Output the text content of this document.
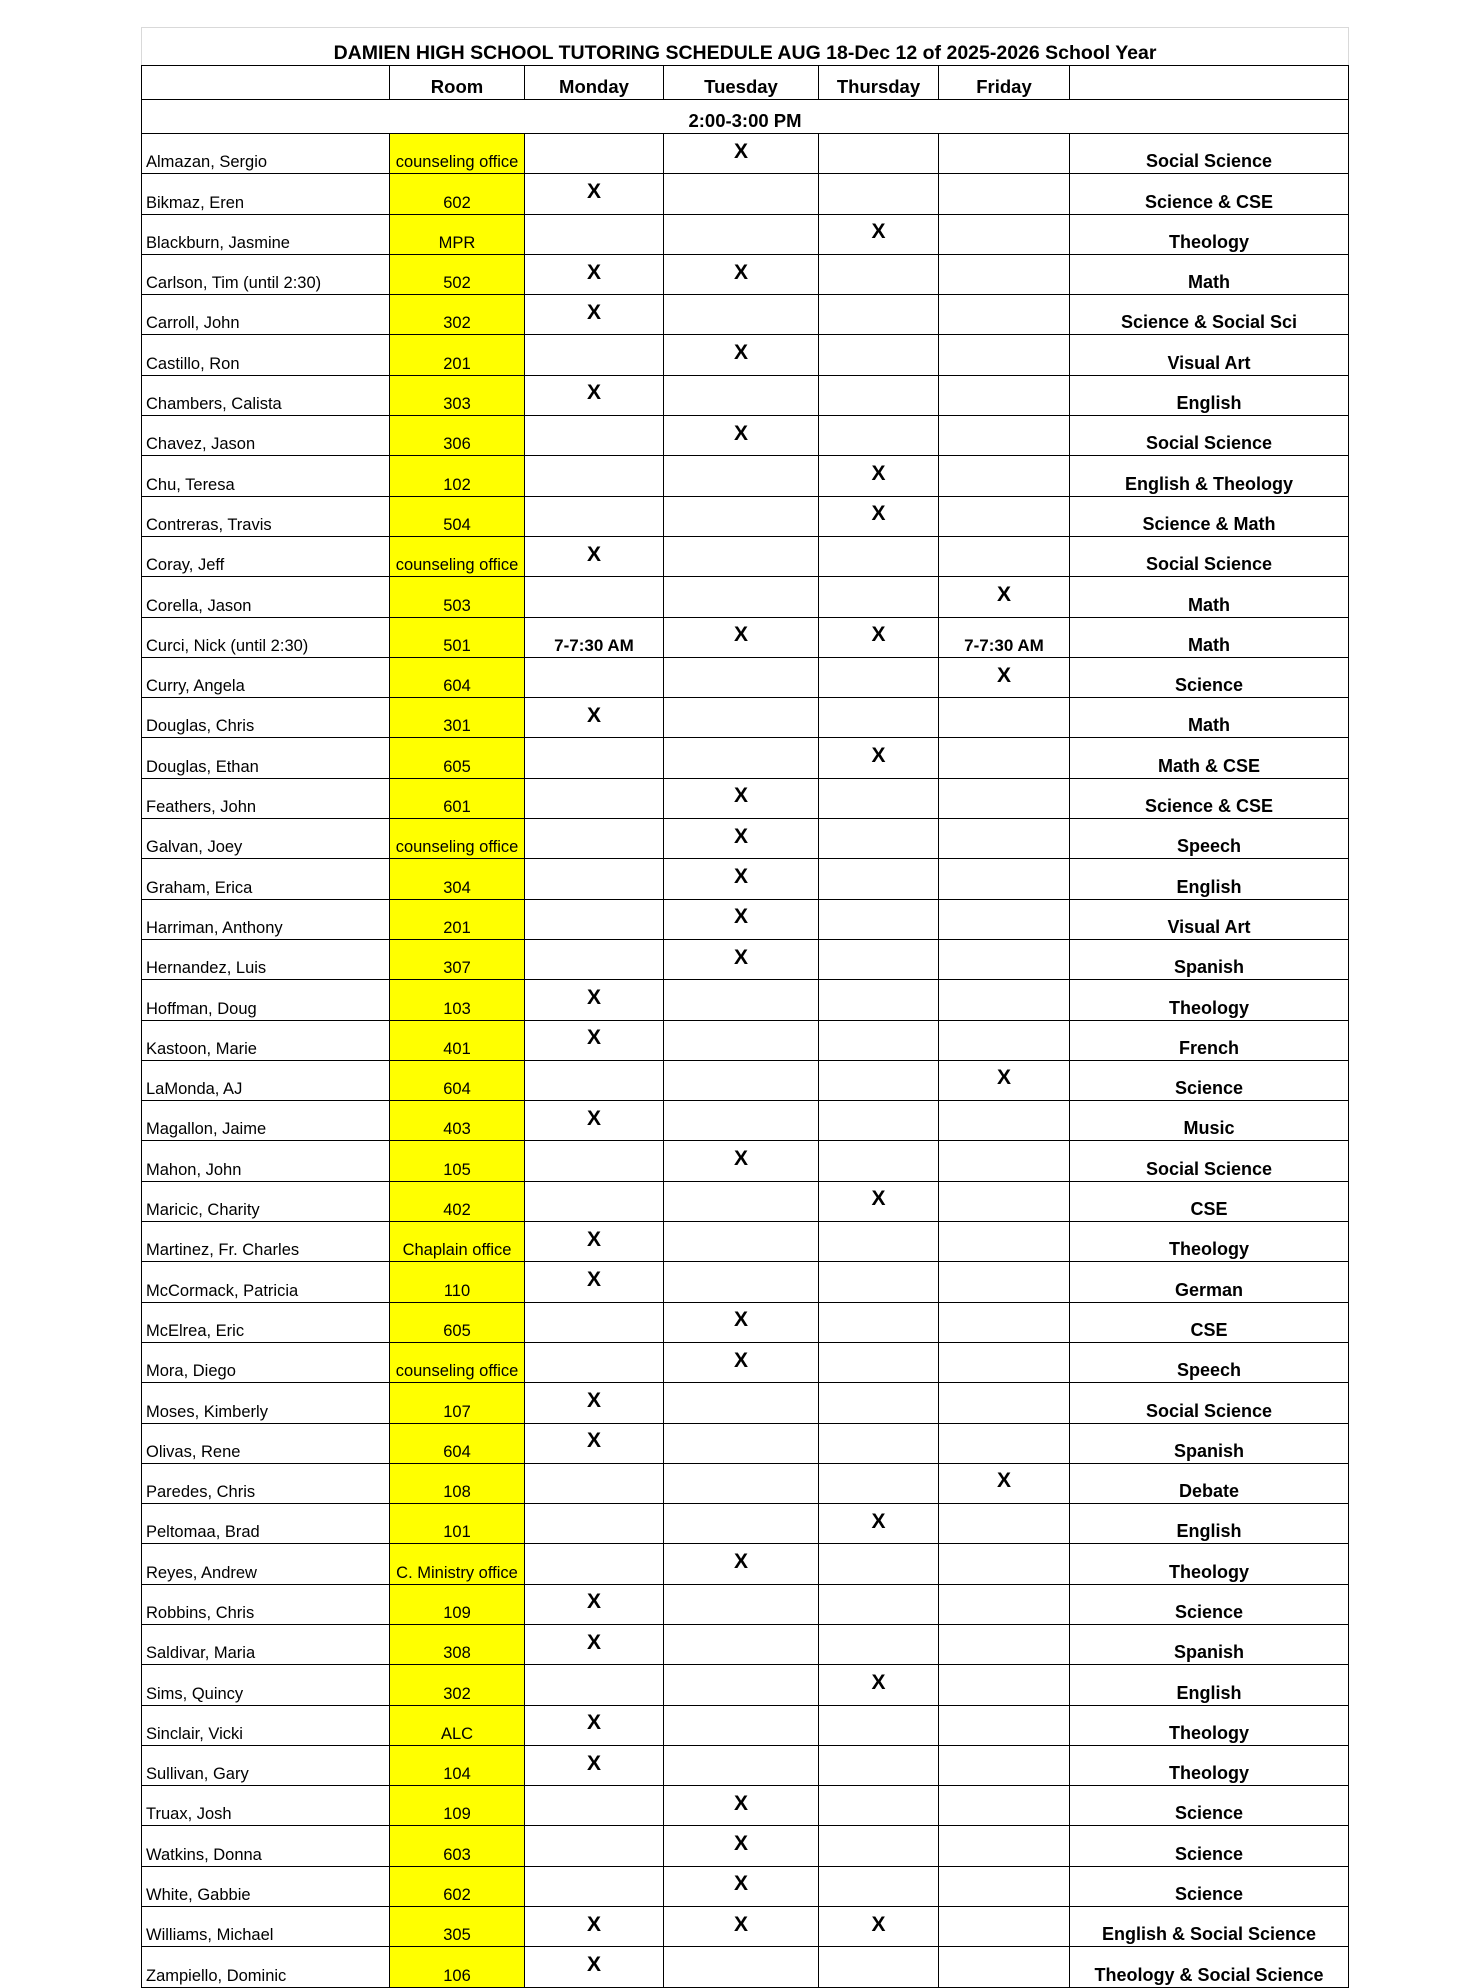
DAMIEN HIGH SCHOOL TUTORING SCHEDULE AUG 18-Dec 12 of 2025-2026 School Year						
	Room	Monday	Tuesday	Thursday	Friday	
2:00-3:00 PM						
Almazan, Sergio	counseling office		X			Social Science
Bikmaz, Eren	602	X				Science & CSE
Blackburn, Jasmine	MPR			X		Theology
Carlson, Tim (until 2:30)	502	X	X			Math
Carroll, John	302	X				Science & Social Sci
Castillo, Ron	201		X			Visual Art
Chambers, Calista	303	X				English
Chavez, Jason	306		X			Social Science
Chu, Teresa	102			X		English & Theology
Contreras, Travis	504			X		Science & Math
Coray, Jeff	counseling office	X				Social Science
Corella, Jason	503				X	Math
Curci, Nick (until 2:30)	501	7-7:30 AM	X	X	7-7:30 AM	Math
Curry, Angela	604				X	Science
Douglas, Chris	301	X				Math
Douglas, Ethan	605			X		Math & CSE
Feathers, John	601		X			Science & CSE
Galvan, Joey	counseling office		X			Speech
Graham, Erica	304		X			English
Harriman, Anthony	201		X			Visual Art
Hernandez, Luis	307		X			Spanish
Hoffman, Doug	103	X				Theology
Kastoon, Marie	401	X				French
LaMonda, AJ	604				X	Science
Magallon, Jaime	403	X				Music
Mahon, John	105		X			Social Science
Maricic, Charity	402			X		CSE
Martinez, Fr. Charles	Chaplain office	X				Theology
McCormack, Patricia	110	X				German
McElrea, Eric	605		X			CSE
Mora, Diego	counseling office		X			Speech
Moses, Kimberly	107	X				Social Science
Olivas, Rene	604	X				Spanish
Paredes, Chris	108				X	Debate
Peltomaa, Brad	101			X		English
Reyes, Andrew	C. Ministry office		X			Theology
Robbins, Chris	109	X				Science
Saldivar, Maria	308	X				Spanish
Sims, Quincy	302			X		English
Sinclair, Vicki	ALC	X				Theology
Sullivan, Gary	104	X				Theology
Truax, Josh	109		X			Science
Watkins, Donna	603		X			Science
White, Gabbie	602		X			Science
Williams, Michael	305	X	X	X		English & Social Science
Zampiello, Dominic	106	X				Theology & Social Science
